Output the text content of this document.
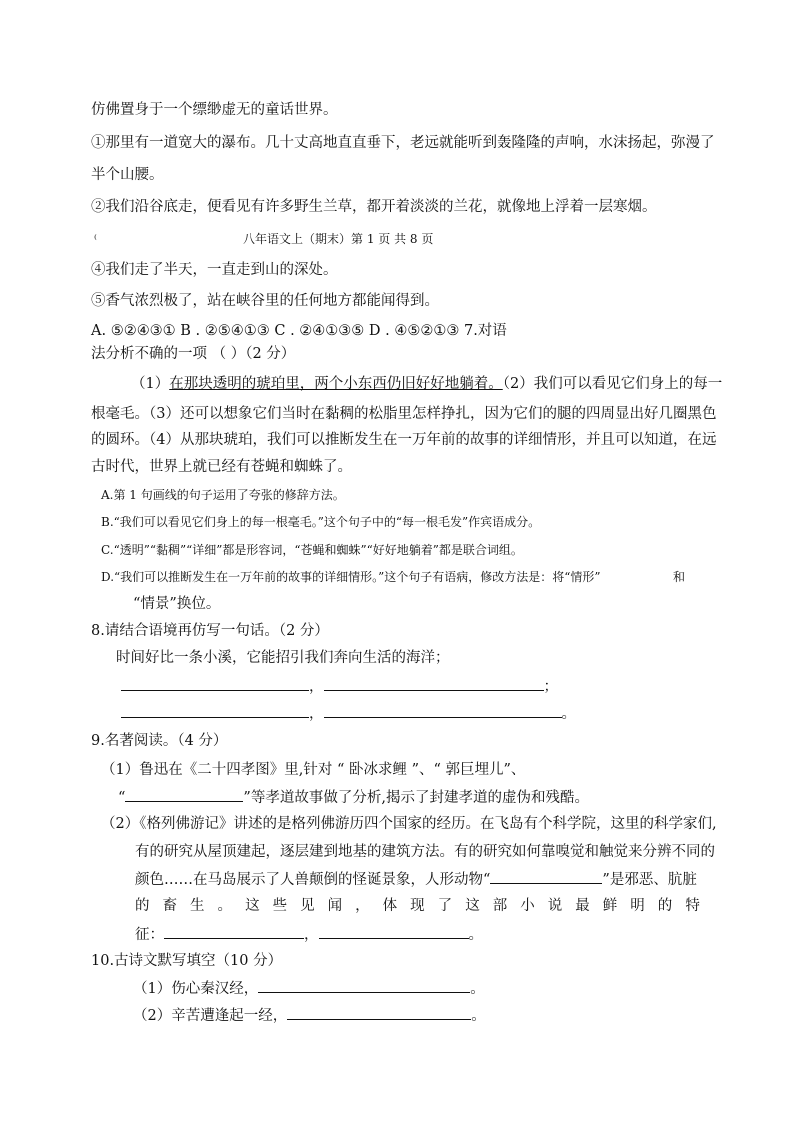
仿佛置身于一个缥缈虚无的童话世界。
①那里有一道宽大的瀑布。几十丈高地直直垂下，老远就能听到轰隆隆的声响，水沫扬起，弥漫了
半个山腰。
②我们沿谷底走，便看见有许多野生兰草，都开着淡淡的兰花，就像地上浮着一层寒烟。
⁽	八年语文上（期末）第 1 页 共 8 页
④我们走了半天，一直走到山的深处。
⑤香气浓烈极了，站在峡谷里的任何地方都能闻得到。
A. ⑤②④③① B . ②⑤④①③ C . ②④①③⑤ D . ④⑤②①③ 7.对语
法分析不确的一项 （ ）（2 分）
（1）在那块透明的琥珀里，两个小东西仍旧好好地躺着。（2）我们可以看见它们身上的每一
根毫毛。（3）还可以想象它们当时在黏稠的松脂里怎样挣扎，因为它们的腿的四周显出好几圈黑色
的圆环。（4）从那块琥珀，我们可以推断发生在一万年前的故事的详细情形，并且可以知道，在远
古时代，世界上就已经有苍蝇和蜘蛛了。
A.第 1 句画线的句子运用了夸张的修辞方法。
B.“我们可以看见它们身上的每一根毫毛。”这个句子中的“每一根毛发”作宾语成分。
C.“透明”“黏稠”“详细”都是形容词，“苍蝇和蜘蛛”“好好地躺着”都是联合词组。
D.“我们可以推断发生在一万年前的故事的详细情形。”这个句子有语病，修改方法是：将“情形”	和
“情景”换位。
8.请结合语境再仿写一句话。（2 分）
时间好比一条小溪，它能招引我们奔向生活的海洋；
，	；
，	。
9.名著阅读。（4 分）
（1）鲁迅在《二十四孝图》里,针对 “ 卧冰求鲤 ”、“ 郭巨埋儿”、
“	”等孝道故事做了分析,揭示了封建孝道的虚伪和残酷。
（2）《格列佛游记》讲述的是格列佛游历四个国家的经历。在飞岛有个科学院，这里的科学家们,
有的研究从屋顶建起，逐层建到地基的建筑方法。有的研究如何靠嗅觉和触觉来分辨不同的
颜色……在马岛展示了人兽颠倒的怪诞景象，人形动物“	”是邪恶、肮脏
的 畜 生 。 这 些 见 闻 ， 体 现 了 这 部 小 说 最 鲜 明 的 特
征：	，	。
10.古诗文默写填空（10 分）
（1）伤心秦汉经，	。
（2）辛苦遭逢起一经，	。
